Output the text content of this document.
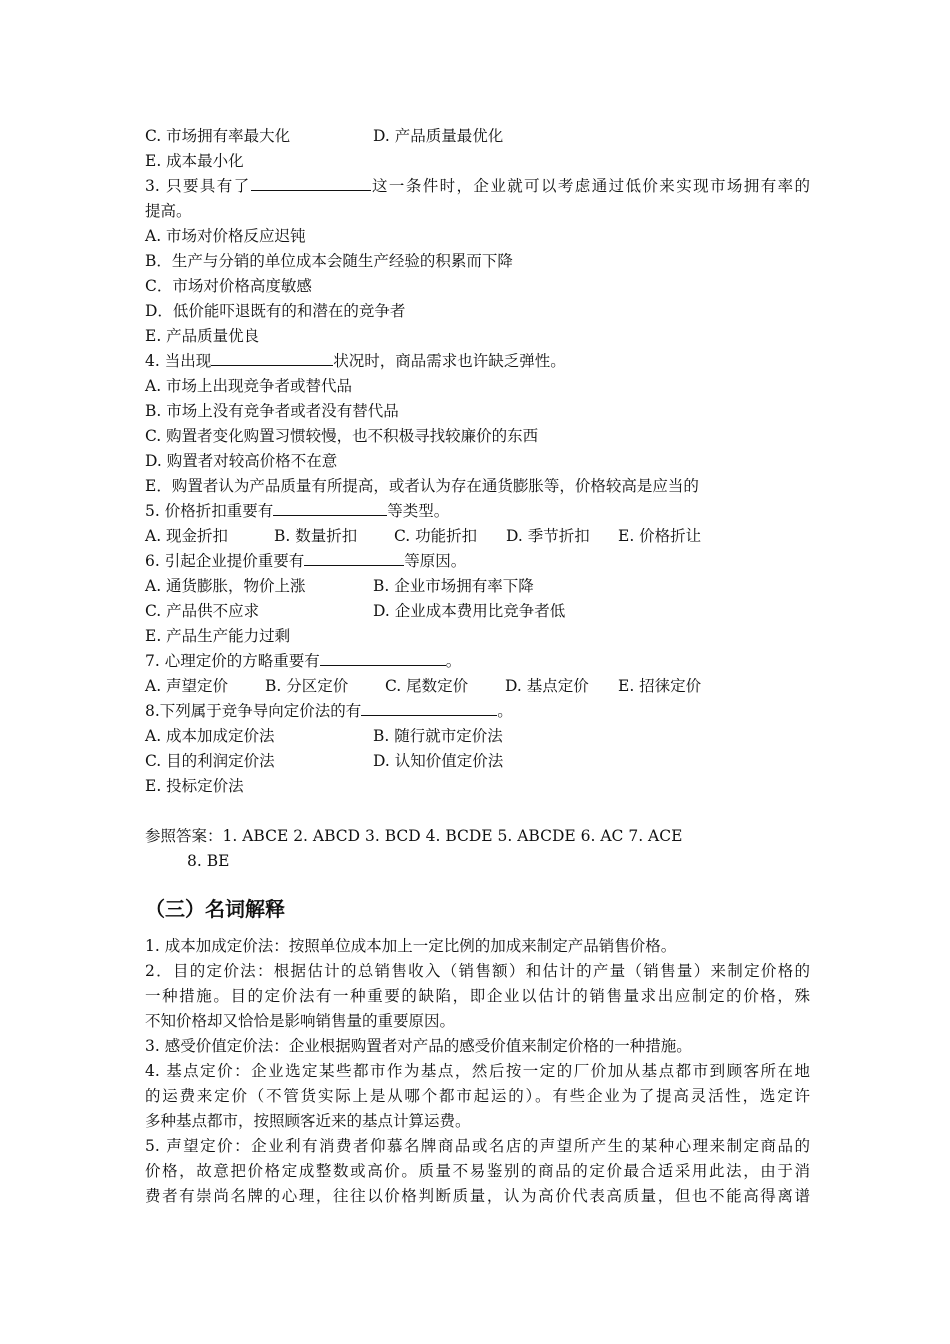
C. 市场拥有率最大化	D. 产品质量最优化
E. 成本最小化
3. 只要具有了	这一条件时，企业就可以考虑通过低价来实现市场拥有率的
提高。
A. 市场对价格反应迟钝
B．生产与分销的单位成本会随生产经验的积累而下降
C．市场对价格高度敏感
D．低价能吓退既有的和潜在的竞争者
E. 产品质量优良
4. 当出现	状况时，商品需求也许缺乏弹性。
A. 市场上出现竞争者或替代品
B. 市场上没有竞争者或者没有替代品
C. 购置者变化购置习惯较慢，也不积极寻找较廉价的东西
D. 购置者对较高价格不在意
E．购置者认为产品质量有所提高，或者认为存在通货膨胀等，价格较高是应当的
5. 价格折扣重要有	等类型。
A. 现金折扣	B. 数量折扣	C. 功能折扣	D. 季节折扣	E. 价格折让
6. 引起企业提价重要有	等原因。
A. 通货膨胀，物价上涨	B. 企业市场拥有率下降
C. 产品供不应求	D. 企业成本费用比竞争者低
E. 产品生产能力过剩
7. 心理定价的方略重要有	。
A. 声望定价	B. 分区定价	C. 尾数定价	D. 基点定价	E. 招徕定价
8.下列属于竞争导向定价法的有	。
A. 成本加成定价法	B. 随行就市定价法
C. 目的利润定价法	D. 认知价值定价法
E. 投标定价法
参照答案：1. ABCE 2. ABCD 3. BCD 4. BCDE 5. ABCDE 6. AC 7. ACE
8. BE
（三）名词解释
1. 成本加成定价法：按照单位成本加上一定比例的加成来制定产品销售价格。
2．目的定价法：根据估计的总销售收入（销售额）和估计的产量（销售量）来制定价格的
一种措施。目的定价法有一种重要的缺陷，即企业以估计的销售量求出应制定的价格，殊
不知价格却又恰恰是影响销售量的重要原因。
3. 感受价值定价法：企业根据购置者对产品的感受价值来制定价格的一种措施。
4. 基点定价：企业选定某些都市作为基点，然后按一定的厂价加从基点都市到顾客所在地
的运费来定价（不管货实际上是从哪个都市起运的）。有些企业为了提高灵活性，选定许
多种基点都市，按照顾客近来的基点计算运费。
5. 声望定价：企业利有消费者仰慕名牌商品或名店的声望所产生的某种心理来制定商品的
价格，故意把价格定成整数或高价。质量不易鉴别的商品的定价最合适采用此法，由于消
费者有崇尚名牌的心理，往往以价格判断质量，认为高价代表高质量，但也不能高得离谱
